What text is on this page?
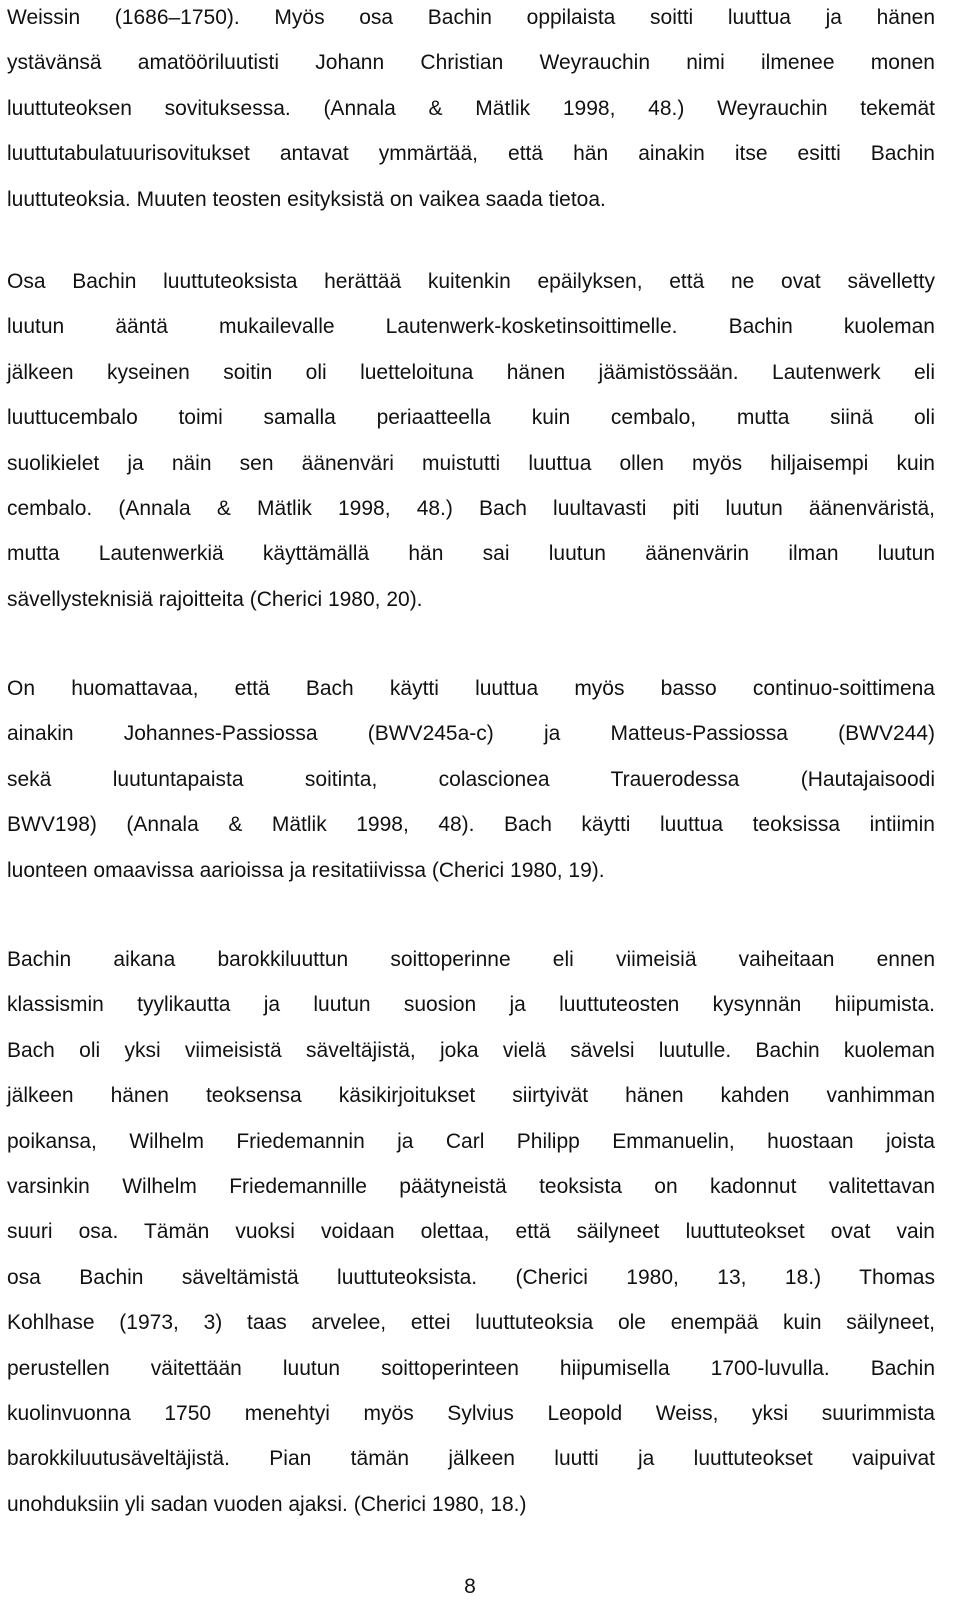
Weissin (1686–1750). Myös osa Bachin oppilaista soitti luuttua ja hänen
ystävänsä amatööriluutisti Johann Christian Weyrauchin nimi ilmenee monen
luuttuteoksen sovituksessa. (Annala & Mätlik 1998, 48.) Weyrauchin tekemät
luuttutabulatuurisovitukset antavat ymmärtää, että hän ainakin itse esitti Bachin
luuttuteoksia. Muuten teosten esityksistä on vaikea saada tietoa.
Osa Bachin luuttuteoksista herättää kuitenkin epäilyksen, että ne ovat sävelletty
luutun ääntä mukailevalle Lautenwerk-kosketinsoittimelle. Bachin kuoleman
jälkeen kyseinen soitin oli luetteloituna hänen jäämistössään. Lautenwerk eli
luuttucembalo toimi samalla periaatteella kuin cembalo, mutta siinä oli
suolikielet ja näin sen äänenväri muistutti luuttua ollen myös hiljaisempi kuin
cembalo. (Annala & Mätlik 1998, 48.) Bach luultavasti piti luutun äänenväristä,
mutta Lautenwerkiä käyttämällä hän sai luutun äänenvärin ilman luutun
sävellysteknisiä rajoitteita (Cherici 1980, 20).
On huomattavaa, että Bach käytti luuttua myös basso continuo-soittimena
ainakin Johannes-Passiossa (BWV245a-c) ja Matteus-Passiossa (BWV244)
sekä luutuntapaista soitinta, colascionea Trauerodessa (Hautajaisoodi
BWV198) (Annala & Mätlik 1998, 48). Bach käytti luuttua teoksissa intiimin
luonteen omaavissa aarioissa ja resitatiivissa (Cherici 1980, 19).
Bachin aikana barokkiluuttun soittoperinne eli viimeisiä vaiheitaan ennen
klassismin tyylikautta ja luutun suosion ja luuttuteosten kysynnän hiipumista.
Bach oli yksi viimeisistä säveltäjistä, joka vielä sävelsi luutulle. Bachin kuoleman
jälkeen hänen teoksensa käsikirjoitukset siirtyivät hänen kahden vanhimman
poikansa, Wilhelm Friedemannin ja Carl Philipp Emmanuelin, huostaan joista
varsinkin Wilhelm Friedemannille päätyneistä teoksista on kadonnut valitettavan
suuri osa. Tämän vuoksi voidaan olettaa, että säilyneet luuttuteokset ovat vain
osa Bachin säveltämistä luuttuteoksista. (Cherici 1980, 13, 18.) Thomas
Kohlhase (1973, 3) taas arvelee, ettei luuttuteoksia ole enempää kuin säilyneet,
perustellen väitettään luutun soittoperinteen hiipumisella 1700-luvulla. Bachin
kuolinvuonna 1750 menehtyi myös Sylvius Leopold Weiss, yksi suurimmista
barokkiluutusäveltäjistä. Pian tämän jälkeen luutti ja luuttuteokset vaipuivat
unohduksiin yli sadan vuoden ajaksi. (Cherici 1980, 18.)
8
